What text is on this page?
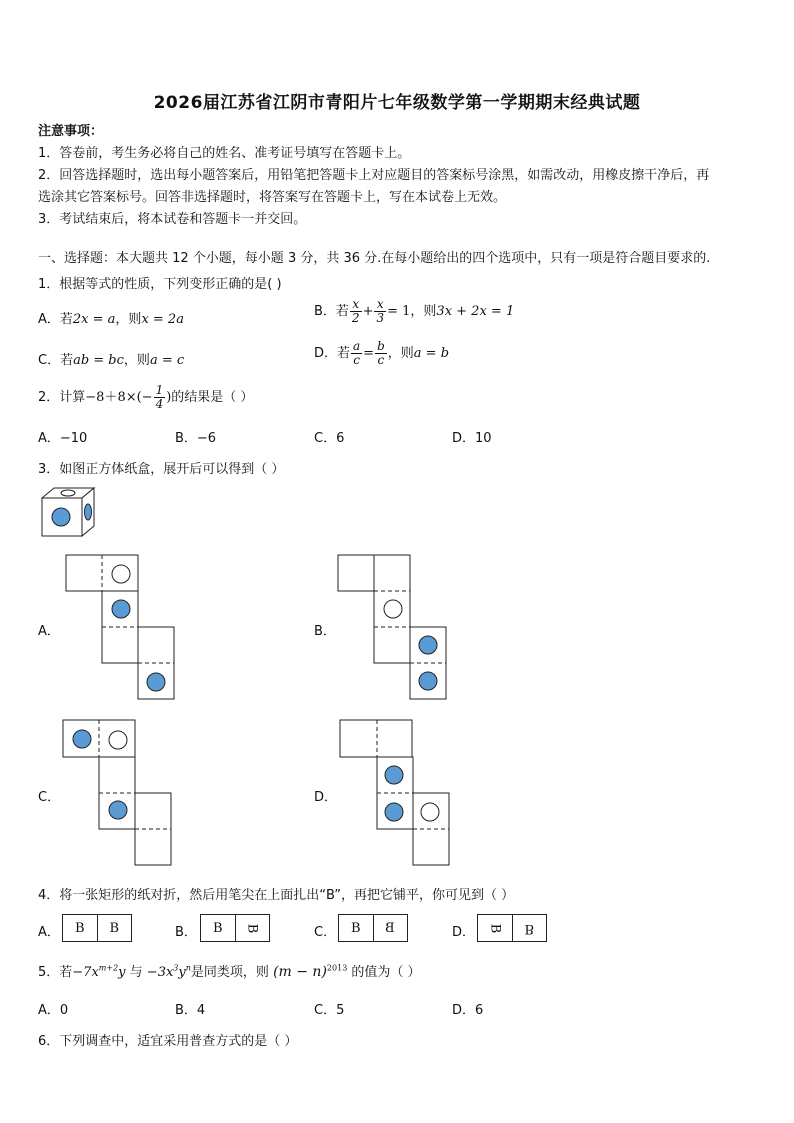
2026届江苏省江阴市青阳片七年级数学第一学期期末经典试题
注意事项：
1．答卷前，考生务必将自己的姓名、准考证号填写在答题卡上。
2．回答选择题时，选出每小题答案后，用铅笔把答题卡上对应题目的答案标号涂黑，如需改动，用橡皮擦干净后，再
选涂其它答案标号。回答非选择题时，将答案写在答题卡上，写在本试卷上无效。
3．考试结束后，将本试卷和答题卡一并交回。
一、选择题：本大题共 12 个小题，每小题 3 分，共 36 分.在每小题给出的四个选项中，只有一项是符合题目要求的.
1．根据等式的性质，下列变形正确的是( )
A．若2x = a，则x = 2a
B．若 $\frac{x}{2} + \frac{x}{3} = 1$，则3x + 2x = 1
C．若ab = bc，则a = c	D．若 $\frac{a}{c} = \frac{b}{c}$ ，则a = b
2．计算$-8+8\times(- \frac{1}{4}$ )的结果是（ ）
A．−10	B．−6	C．6	D．10
3．如图正方体纸盒，展开后可以得到（ ）
A．	B．
C．	D．
4．将一张矩形的纸对折，然后用笔尖在上面扎出“B”，再把它铺平，你可见到（ ）
A． B B	B． B B	C． B B	D． B B
5．若$-7x^{m+2}y$ 与 $-3x^3y^n$是同类项，则 $(m - n)^{2013}$ 的值为（ ）
A．0	B．4	C．5	D．6
6．下列调查中，适宜采用普查方式的是（ ）
